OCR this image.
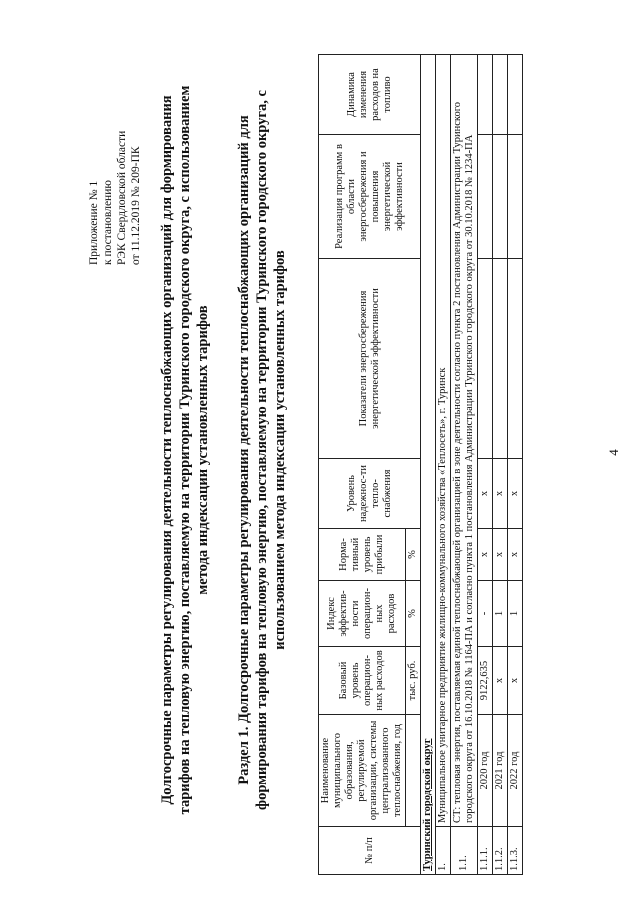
4
Приложение № 1 к постановлению РЭК Свердловской области от 11.12.2019 № 209-ПК Долгосрочные параметры регулирования деятельности теплоснабжающих организаций для формирования тарифов на тепловую энергию, поставляемую на территории Туринского городского округа, с использованием метода индексации установленных тарифов Раздел 1. Долгосрочные параметры регулирования деятельности теплоснабжающих организаций для формирования тарифов на тепловую энергию, поставляемую на территории Туринского городского округа, с использованием метода индексации установленных тарифов
№ п/п	Наименование муниципального образования, регулируемой организации, системы централизованного теплоснабжения, год	Базовый уровень операцион-ных расходов	Индекс эффектив-ности операцион-ных расходов	Норма-тивный уровень прибыли	Уровень надежнос-ти тепло-снабжения	Показатели энергосбережения энергетической эффективности	Реализация программ в области энергосбережения и повышения энергетической эффективности	Динамика изменения расходов на топливо
		тыс. руб.	%	%				
Туринский городской округ								
1.	Муниципальное унитарное предприятие жилищно-коммунального хозяйства «Теплосеть», г. Туринск							
1.1.	СТ: тепловая энергия, поставляемая единой теплоснабжающей организацией в зоне деятельности согласно пункта 2 постановления Администрации Туринского городского округа от 16.10.2018 № 1164-ПА и согласно пункта 1 постановления Администрации Туринского городского округа от 30.10.2018 № 1234-ПА							
1.1.1.	2020 год	9122,635	-	x	x			
1.1.2.	2021 год	x	1	x	x			
1.1.3.	2022 год	x	1	x	x			
